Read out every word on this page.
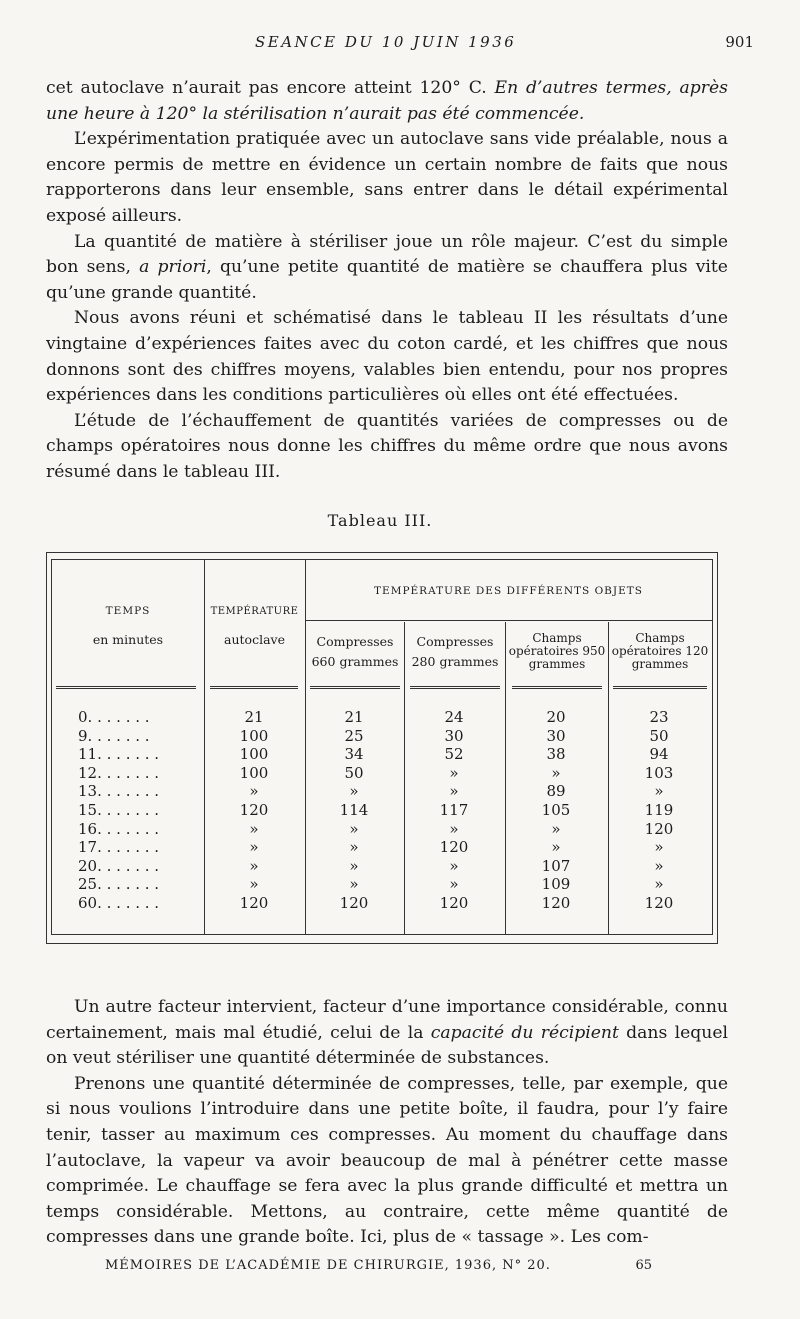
SEANCE DU 10 JUIN 1936	901

cet autoclave n’aurait pas encore atteint 120° C. En d’autres termes, après une heure à 120° la stérilisation n’aurait pas été commencée.

L’expérimentation pratiquée avec un autoclave sans vide préalable, nous a encore permis de mettre en évidence un certain nombre de faits que nous rapporterons dans leur ensemble, sans entrer dans le détail expérimental exposé ailleurs.

La quantité de matière à stériliser joue un rôle majeur. C’est du simple bon sens, a priori, qu’une petite quantité de matière se chauffera plus vite qu’une grande quantité.

Nous avons réuni et schématisé dans le tableau II les résultats d’une vingtaine d’expériences faites avec du coton cardé, et les chiffres que nous donnons sont des chiffres moyens, valables bien entendu, pour nos propres expériences dans les conditions particulières où elles ont été effectuées.

L’étude de l’échauffement de quantités variées de compresses ou de champs opératoires nous donne les chiffres du même ordre que nous avons résumé dans le tableau III.

Tableau III.
TEMPS
en minutes
TEMPÉRATURE
autoclave
TEMPÉRATURE DES DIFFÉRENTS OBJETS
Compresses 660 grammes
Compresses 280 grammes
Champs opératoires 950 grammes
Champs opératoires 120 grammes
0. . . . . . .	21	21	24	20	23
9. . . . . . .	100	25	30	30	50
11. . . . . . .	100	34	52	38	94
12. . . . . . .	100	50	»	»	103
13. . . . . . .	»	»	»	89	»
15. . . . . . .	120	114	117	105	119
16. . . . . . .	»	»	»	»	120
17. . . . . . .	»	»	120	»	»
20. . . . . . .	»	»	»	107	»
25. . . . . . .	»	»	»	109	»
60. . . . . . .	120	120	120	120	120

Un autre facteur intervient, facteur d’une importance considérable, connu certainement, mais mal étudié, celui de la capacité du récipient dans lequel on veut stériliser une quantité déterminée de substances.

Prenons une quantité déterminée de compresses, telle, par exemple, que si nous voulions l’introduire dans une petite boîte, il faudra, pour l’y faire tenir, tasser au maximum ces compresses. Au moment du chauffage dans l’autoclave, la vapeur va avoir beaucoup de mal à pénétrer cette masse comprimée. Le chauffage se fera avec la plus grande difficulté et mettra un temps considérable. Mettons, au contraire, cette même quantité de compresses dans une grande boîte. Ici, plus de « tassage ». Les com-

MÉMOIRES DE L’ACADÉMIE DE CHIRURGIE, 1936, N° 20.	65
